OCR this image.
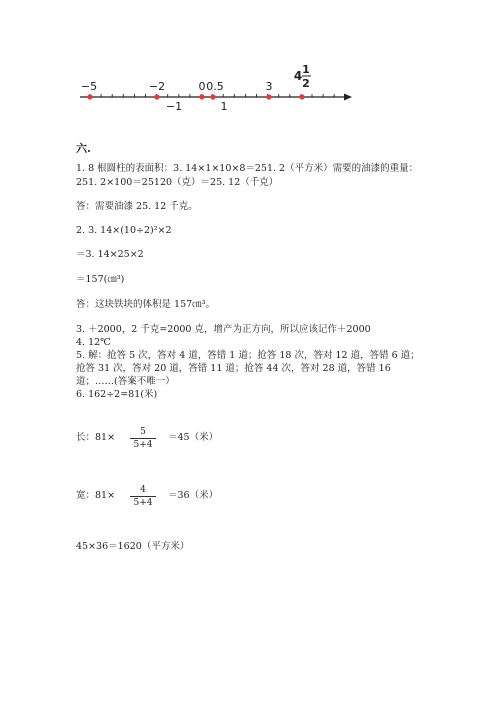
−5	−2	0 0.5	3
−1	1
4 1
2
六.
1. 8 根圆柱的表面积：3. 14×1×10×8＝251. 2（平方米）需要的油漆的重量：
251. 2×100＝25120（克）＝25. 12（千克）
答：需要油漆 25. 12 千克。
2. 3. 14×(10÷2)²×2
＝3. 14×25×2
＝157(㎝³)
答：这块铁块的体积是 157㎝³。
3. ＋2000，2 千克=2000 克，增产为正方向，所以应该记作＋2000
4. 12℃
5. 解：抢答 5 次，答对 4 道，答错 1 道；抢答 18 次，答对 12 道，答错 6 道；
抢答 31 次，答对 20 道，答错 11 道；抢答 44 次，答对 28 道，答错 16
道；……(答案不唯一）
6. 162÷2=81(米)
长：81×	5
5+4
＝45（米）
宽：81×	4
5+4
＝36（米）
45×36＝1620（平方米）
